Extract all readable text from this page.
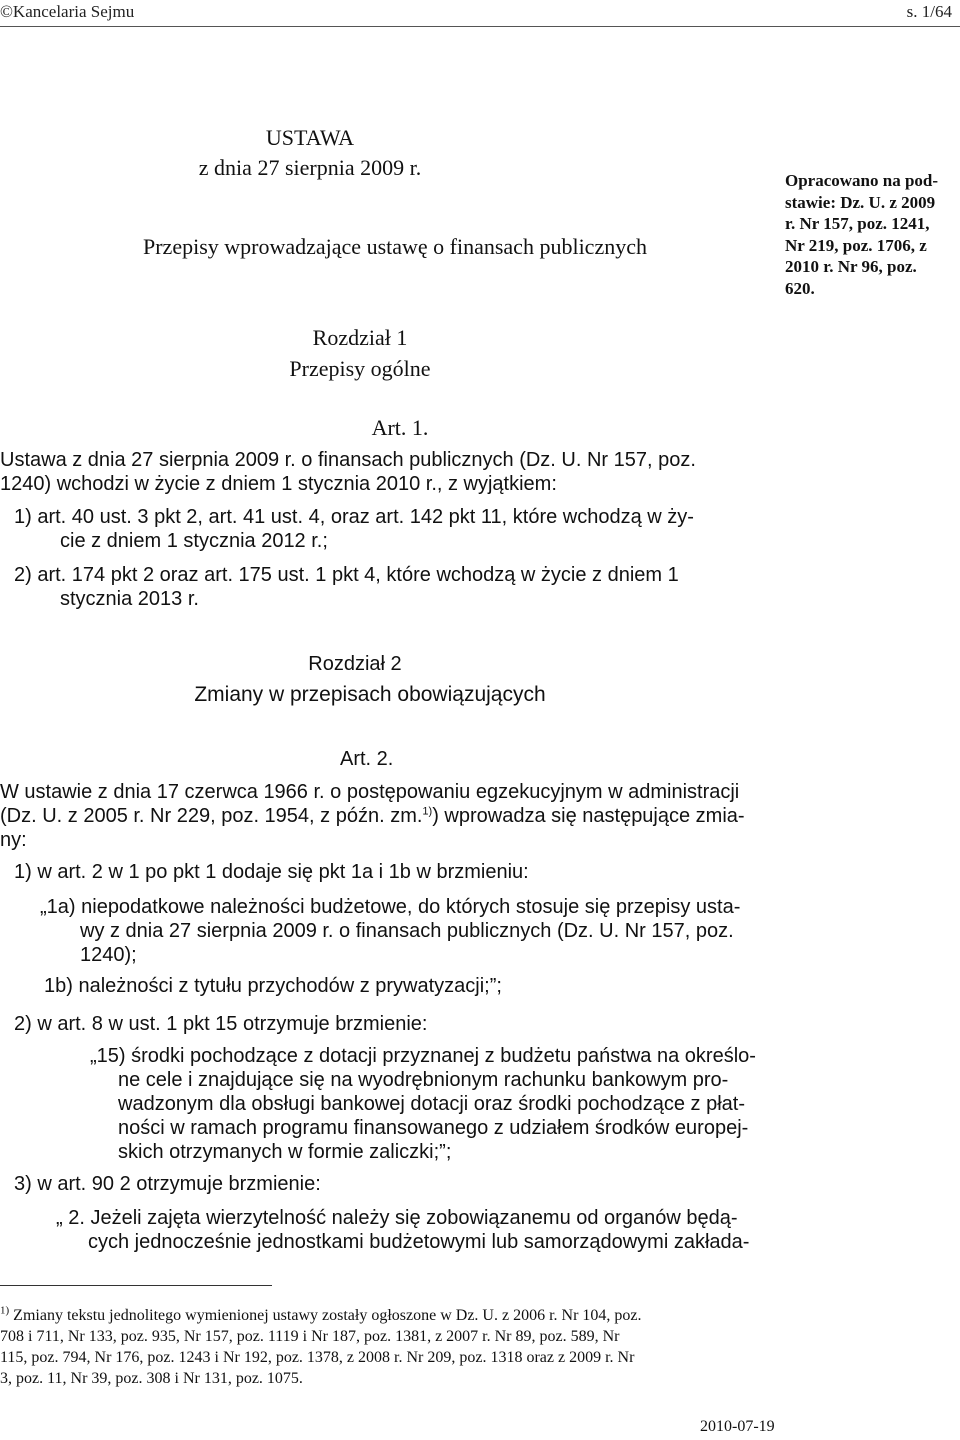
©Kancelaria Sejmu	s. 1/64
USTAWA
z dnia 27 sierpnia 2009 r.
Przepisy wprowadzające ustawę o finansach publicznych
Opracowano na pod-
stawie: Dz. U. z 2009
r. Nr 157, poz. 1241,
Nr 219, poz. 1706, z
2010 r. Nr 96, poz.
620.
Rozdział 1
Przepisy ogólne
Art. 1.
Ustawa z dnia 27 sierpnia 2009 r. o finansach publicznych (Dz. U. Nr 157, poz.
1240) wchodzi w życie z dniem 1 stycznia 2010 r., z wyjątkiem:
1) art. 40 ust. 3 pkt 2, art. 41 ust. 4, oraz art. 142 pkt 11, które wchodzą w ży-
cie z dniem 1 stycznia 2012 r.;
2) art. 174 pkt 2 oraz art. 175 ust. 1 pkt 4, które wchodzą w życie z dniem 1
stycznia 2013 r.
Rozdział 2
Zmiany w przepisach obowiązujących
Art. 2.
W ustawie z dnia 17 czerwca 1966 r. o postępowaniu egzekucyjnym w administracji
(Dz. U. z 2005 r. Nr 229, poz. 1954, z późn. zm.$^{1)}$) wprowadza się następujące zmia-
ny:
1) w art. 2 w 1 po pkt 1 dodaje się pkt 1a i 1b w brzmieniu:
„1a) niepodatkowe należności budżetowe, do których stosuje się przepisy usta-
wy z dnia 27 sierpnia 2009 r. o finansach publicznych (Dz. U. Nr 157, poz.
1240);
1b) należności z tytułu przychodów z prywatyzacji;”;
2) w art. 8 w ust. 1 pkt 15 otrzymuje brzmienie:
„15) środki pochodzące z dotacji przyznanej z budżetu państwa na określo-
ne cele i znajdujące się na wyodrębnionym rachunku bankowym pro-
wadzonym dla obsługi bankowej dotacji oraz środki pochodzące z płat-
ności w ramach programu finansowanego z udziałem środków europej-
skich otrzymanych w formie zaliczki;”;
3) w art. 90 2 otrzymuje brzmienie:
„ 2. Jeżeli zajęta wierzytelność należy się zobowiązanemu od organów będą-
cych jednocześnie jednostkami budżetowymi lub samorządowymi zakłada-
$^{1)}$ Zmiany tekstu jednolitego wymienionej ustawy zostały ogłoszone w Dz. U. z 2006 r. Nr 104, poz.
708 i 711, Nr 133, poz. 935, Nr 157, poz. 1119 i Nr 187, poz. 1381, z 2007 r. Nr 89, poz. 589, Nr
115, poz. 794, Nr 176, poz. 1243 i Nr 192, poz. 1378, z 2008 r. Nr 209, poz. 1318 oraz z 2009 r. Nr
3, poz. 11, Nr 39, poz. 308 i Nr 131, poz. 1075.
2010-07-19
